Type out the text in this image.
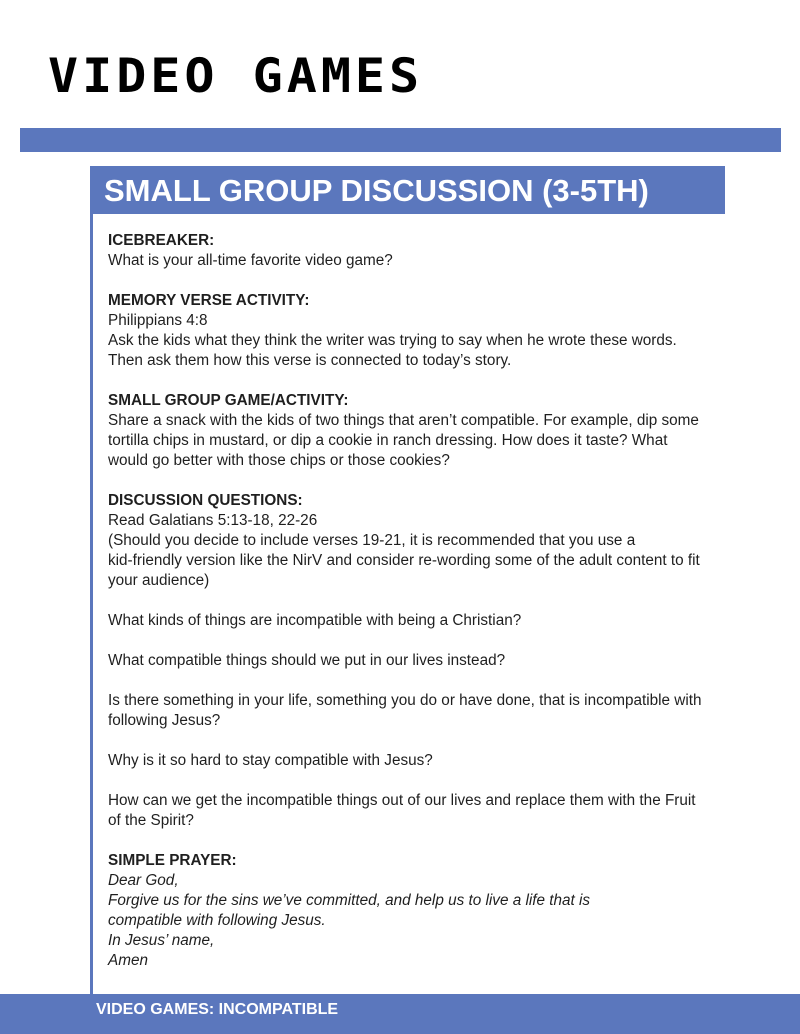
VIDEO GAMES
SMALL GROUP DISCUSSION (3-5TH)

ICEBREAKER:

What is your all-time favorite video game?

MEMORY VERSE ACTIVITY:

Philippians 4:8

Ask the kids what they think the writer was trying to say when he wrote these words.

Then ask them how this verse is connected to today’s story.

SMALL GROUP GAME/ACTIVITY:

Share a snack with the kids of two things that aren’t compatible. For example, dip some

tortilla chips in mustard, or dip a cookie in ranch dressing. How does it taste? What

would go better with those chips or those cookies?

DISCUSSION QUESTIONS:

Read Galatians 5:13-18, 22-26

(Should you decide to include verses 19-21, it is recommended that you use a

kid-friendly version like the NirV and consider re-wording some of the adult content to fit

your audience)

What kinds of things are incompatible with being a Christian?

What compatible things should we put in our lives instead?

Is there something in your life, something you do or have done, that is incompatible with

following Jesus?

Why is it so hard to stay compatible with Jesus?

How can we get the incompatible things out of our lives and replace them with the Fruit

of the Spirit?

SIMPLE PRAYER:

Dear God,

Forgive us for the sins we’ve committed, and help us to live a life that is

compatible with following Jesus.

In Jesus’ name,

Amen

VIDEO GAMES: INCOMPATIBLE
